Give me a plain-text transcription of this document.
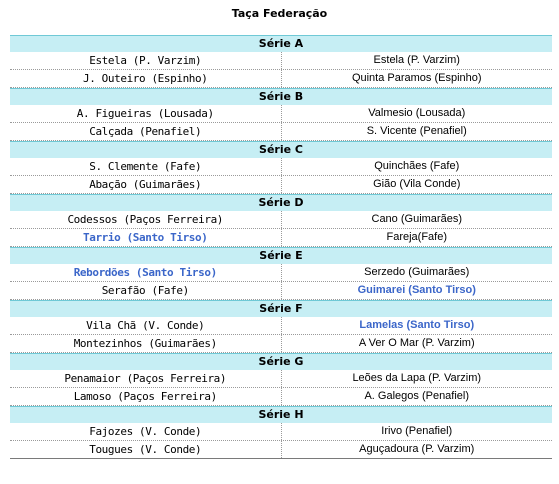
Taça Federação
Série A
Estela (P. Varzim)	Estela (P. Varzim)
J. Outeiro (Espinho)	Quinta Paramos (Espinho)
Série B
A. Figueiras (Lousada)	Valmesio (Lousada)
Calçada (Penafiel)	S. Vicente (Penafiel)
Série C
S. Clemente (Fafe)	Quinchães (Fafe)
Abação (Guimarães)	Gião (Vila Conde)
Série D
Codessos (Paços Ferreira)	Cano (Guimarães)
Tarrio (Santo Tirso)	Fareja(Fafe)
Série E
Rebordões (Santo Tirso)	Serzedo (Guimarães)
Serafão (Fafe)	Guimarei (Santo Tirso)
Série F
Vila Chã (V. Conde)	Lamelas (Santo Tirso)
Montezinhos (Guimarães)	A Ver O Mar (P. Varzim)
Série G
Penamaior (Paços Ferreira)	Leões da Lapa (P. Varzim)
Lamoso (Paços Ferreira)	A. Galegos (Penafiel)
Série H
Fajozes (V. Conde)	Irivo (Penafiel)
Tougues (V. Conde)	Aguçadoura (P. Varzim)
